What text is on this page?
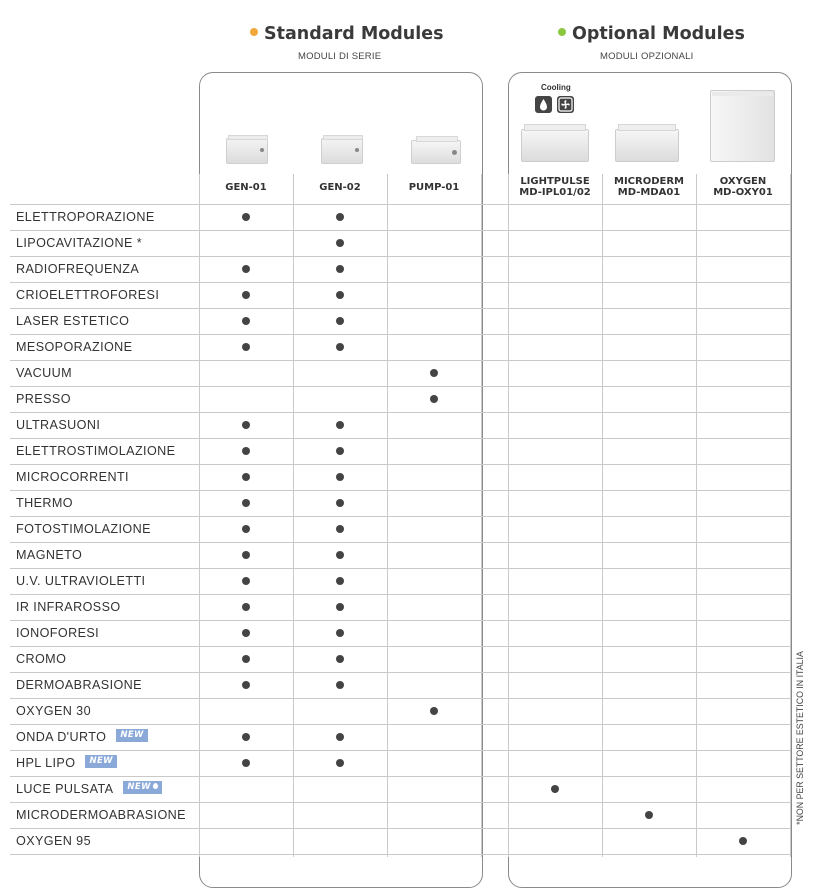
Standard Modules
MODULI DI SERIE
Optional Modules
MODULI OPZIONALI
Cooling
GEN-01	GEN-02	PUMP-01
LIGHTPULSE
MD-IPL01/02
MICRODERM
MD-MDA01
OXYGEN
MD-OXY01
ELETTROPORAZIONE
LIPOCAVITAZIONE *
RADIOFREQUENZA
CRIOELETTROFORESI
LASER ESTETICO
MESOPORAZIONE
VACUUM
PRESSO
ULTRASUONI
ELETTROSTIMOLAZIONE
MICROCORRENTI
THERMO
FOTOSTIMOLAZIONE
MAGNETO
U.V. ULTRAVIOLETTI
IR INFRAROSSO
IONOFORESI
CROMO
DERMOABRASIONE
OXYGEN 30
ONDA D'URTO NEW
HPL LIPO NEW
LUCE PULSATA NEW
MICRODERMOABRASIONE
OXYGEN 95
*NON PER SETTORE ESTETICO IN ITALIA
